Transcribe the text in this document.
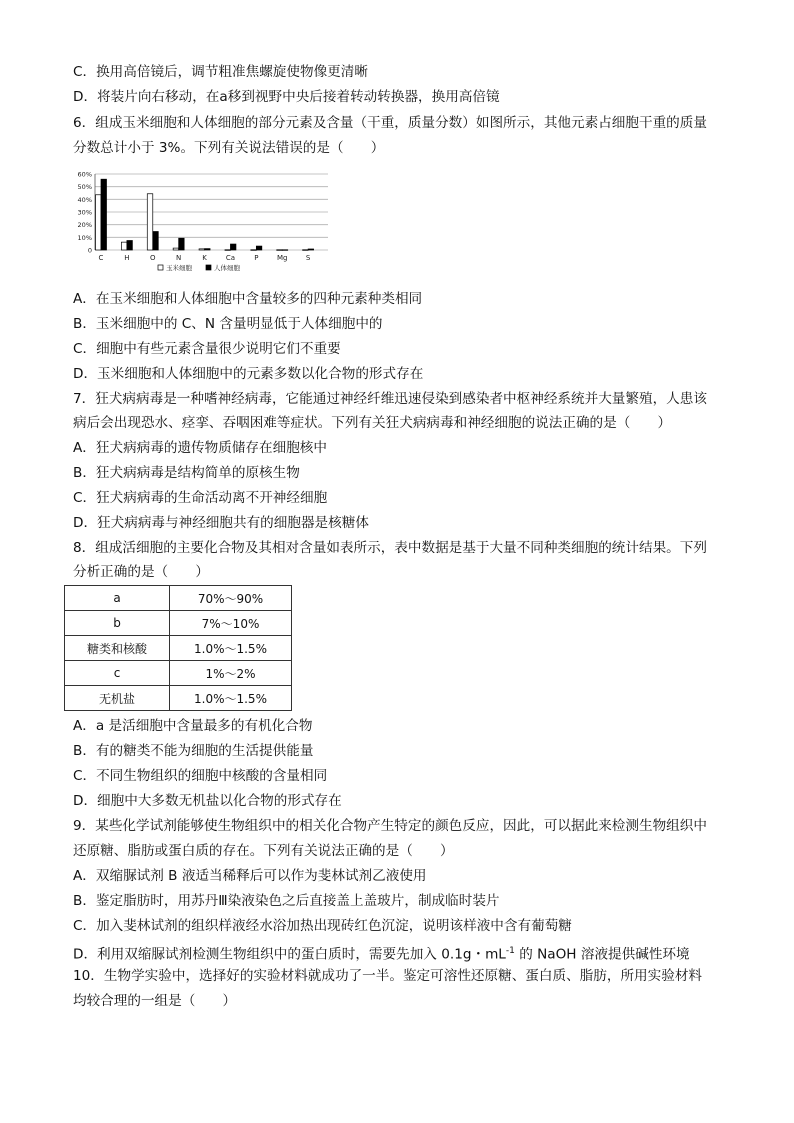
C．换用高倍镜后，调节粗准焦螺旋使物像更清晰
D．将装片向右移动，在a移到视野中央后接着转动转换器，换用高倍镜
6．组成玉米细胞和人体细胞的部分元素及含量（干重，质量分数）如图所示，其他元素占细胞干重的质量
分数总计小于 3%。下列有关说法错误的是（　　）
0
10%
20%
30%
40%
50%
60%
C	H	O	N	K	Ca	P	Mg	S
玉米细胞	人体细胞
A．在玉米细胞和人体细胞中含量较多的四种元素种类相同
B．玉米细胞中的 C、N 含量明显低于人体细胞中的
C．细胞中有些元素含量很少说明它们不重要
D．玉米细胞和人体细胞中的元素多数以化合物的形式存在
7．狂犬病病毒是一种嗜神经病毒，它能通过神经纤维迅速侵染到感染者中枢神经系统并大量繁殖，人患该
病后会出现恐水、痉挛、吞咽困难等症状。下列有关狂犬病病毒和神经细胞的说法正确的是（　　）
A．狂犬病病毒的遗传物质储存在细胞核中
B．狂犬病病毒是结构简单的原核生物
C．狂犬病病毒的生命活动离不开神经细胞
D．狂犬病病毒与神经细胞共有的细胞器是核糖体
8．组成活细胞的主要化合物及其相对含量如表所示，表中数据是基于大量不同种类细胞的统计结果。下列
分析正确的是（　　）
a	70%～90%
b	7%～10%
糖类和核酸	1.0%～1.5%
c	1%～2%
无机盐	1.0%～1.5%
A．a 是活细胞中含量最多的有机化合物
B．有的糖类不能为细胞的生活提供能量
C．不同生物组织的细胞中核酸的含量相同
D．细胞中大多数无机盐以化合物的形式存在
9．某些化学试剂能够使生物组织中的相关化合物产生特定的颜色反应，因此，可以据此来检测生物组织中
还原糖、脂肪或蛋白质的存在。下列有关说法正确的是（　　）
A．双缩脲试剂 B 液适当稀释后可以作为斐林试剂乙液使用
B．鉴定脂肪时，用苏丹Ⅲ染液染色之后直接盖上盖玻片，制成临时装片
C．加入斐林试剂的组织样液经水浴加热出现砖红色沉淀，说明该样液中含有葡萄糖
D．利用双缩脲试剂检测生物组织中的蛋白质时，需要先加入 0.1g・$mL^{-1}$ 的 NaOH 溶液提供碱性环境
10．生物学实验中，选择好的实验材料就成功了一半。鉴定可溶性还原糖、蛋白质、脂肪，所用实验材料
均较合理的一组是（　　）
